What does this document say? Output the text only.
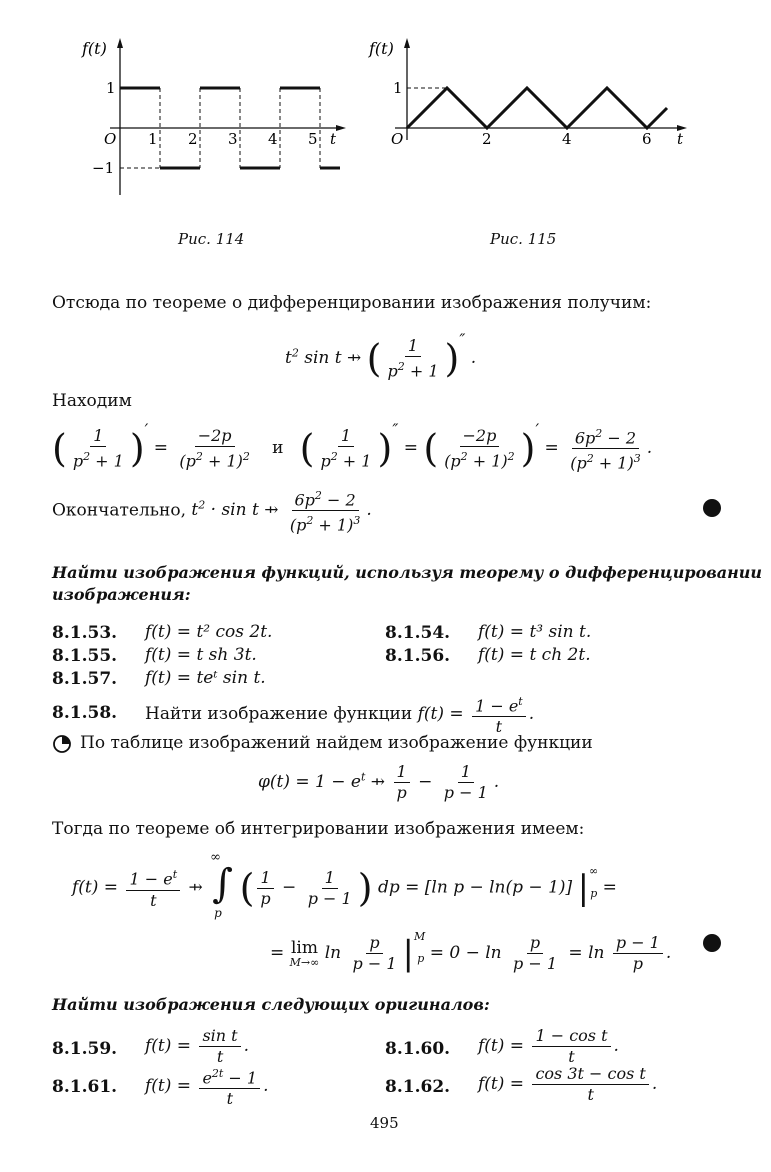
f(t)
1
−1
O 1 2 3 4 5 t
f(t)
1
O	2	4	6 t
Рис. 114	Рис. 115
Отсюда по теореме о дифференцировании изображения получим:
$t^2$ sin t ⇸ ( $\frac{1}{p^2 + 1} )''$ .
Находим
( $\frac{1}{p^2 + 1} )' = \frac{-2p}{(p^2 + 1)^2}$ и ( $\frac{1}{p^2 + 1} )''$ = ( $\frac{-2p}{(p^2 + 1)^2} )' = \frac{6p^2 - 2}{(p^2 + 1)^3}$ .
Окончательно, $t^2 \cdot \sin t$ ⇸ $\frac{6p^2 - 2}{(p^2 + 1)^3}$ .
Найти изображения функций, используя теорему о дифференцировании
изображения:
8.1.53. f(t) = t² cos 2t.	8.1.54. f(t) = t³ sin t.
8.1.55. f(t) = t sh 3t.	8.1.56. f(t) = t ch 2t.
8.1.57. f(t) = teᵗ sin t.
8.1.58. Найти изображение функции $f(t) = \frac{1 - e^t}{t}$ .
По таблице изображений найдем изображение функции
$\varphi(t) = 1 - e^t$ ⇸ $\frac{1}{p} - \frac{1}{p - 1}$ .
Тогда по теореме об интегрировании изображения имеем:
$f(t) = \frac{1 - e^t}{t}$ ⇸
∞
∫
p
( $\frac{1}{p} - \frac{1}{p - 1}$ ) dp = [ln p − ln(p − 1)] $|^\infty_p$ =
= lim
M→∞ $\ln \frac{p}{p - 1} |^M_p = 0 - \ln \frac{p}{p - 1} = \ln \frac{p - 1}{p}$ .
Найти изображения следующих оригиналов:
8.1.59. $f(t) = \frac{\text{sin t}}{t}$ .	8.1.60. $f(t) = \frac{\text{1 − cos t}}{t}$ .
8.1.61. $f(t) = \frac{e^{2t} - 1}{t}$ .	8.1.62. $f(t) = \frac{\text{cos 3t − cos t}}{t}$ .
495
